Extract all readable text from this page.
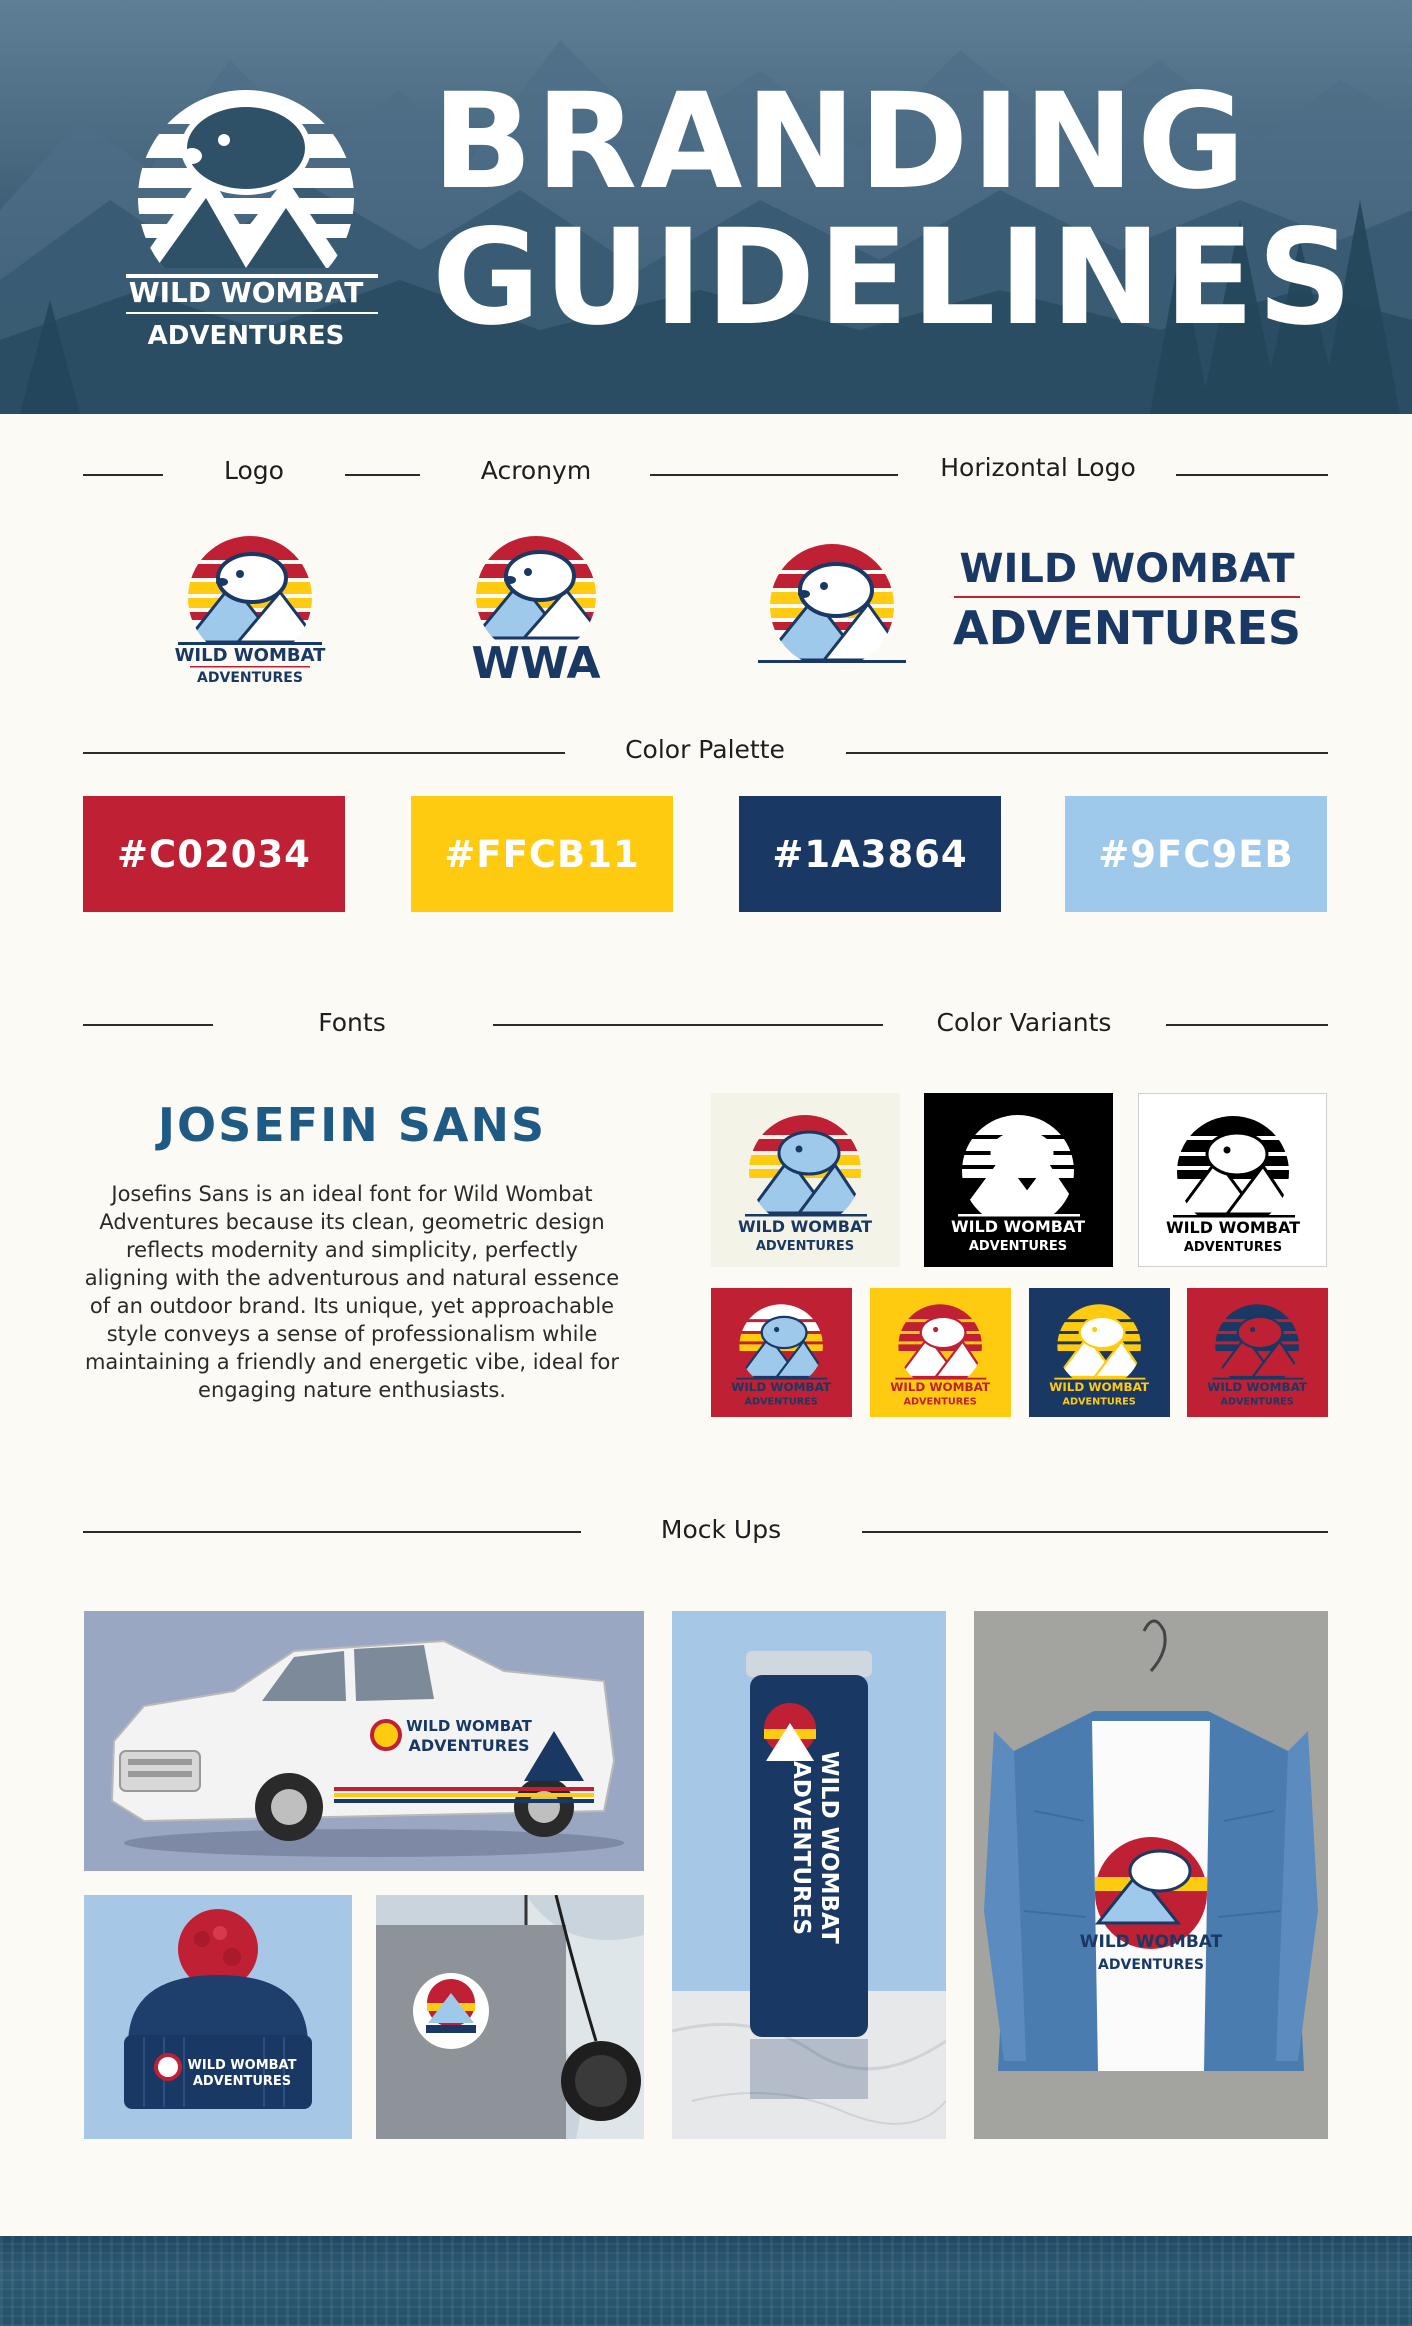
WILD WOMBAT
ADVENTURES
BRANDING
GUIDELINES
Logo	Acronym	Horizontal Logo
WILD WOMBAT
ADVENTURES	WWA
WILD WOMBAT
ADVENTURES
Color Palette
#C02034	#FFCB11	#1A3864	#9FC9EB
Fonts	Color Variants
JOSEFIN SANS
Josefins Sans is an ideal font for Wild Wombat Adventures because its clean, geometric design reflects modernity and simplicity, perfectly aligning with the adventurous and natural essence of an outdoor brand. Its unique, yet approachable style conveys a sense of professionalism while maintaining a friendly and energetic vibe, ideal for engaging nature enthusiasts.
WILD WOMBAT
ADVENTURES
WILD WOMBAT
ADVENTURES
WILD WOMBAT
ADVENTURES
WILD WOMBAT
ADVENTURES
WILD WOMBAT
ADVENTURES
WILD WOMBAT
ADVENTURES
WILD WOMBAT
ADVENTURES
Mock Ups
WILD WOMBAT
ADVENTURES
WILD WOMBAT
ADVENTURES
WILD WOMBAT
ADVENTURES
WILD WOMBAT
ADVENTURES
